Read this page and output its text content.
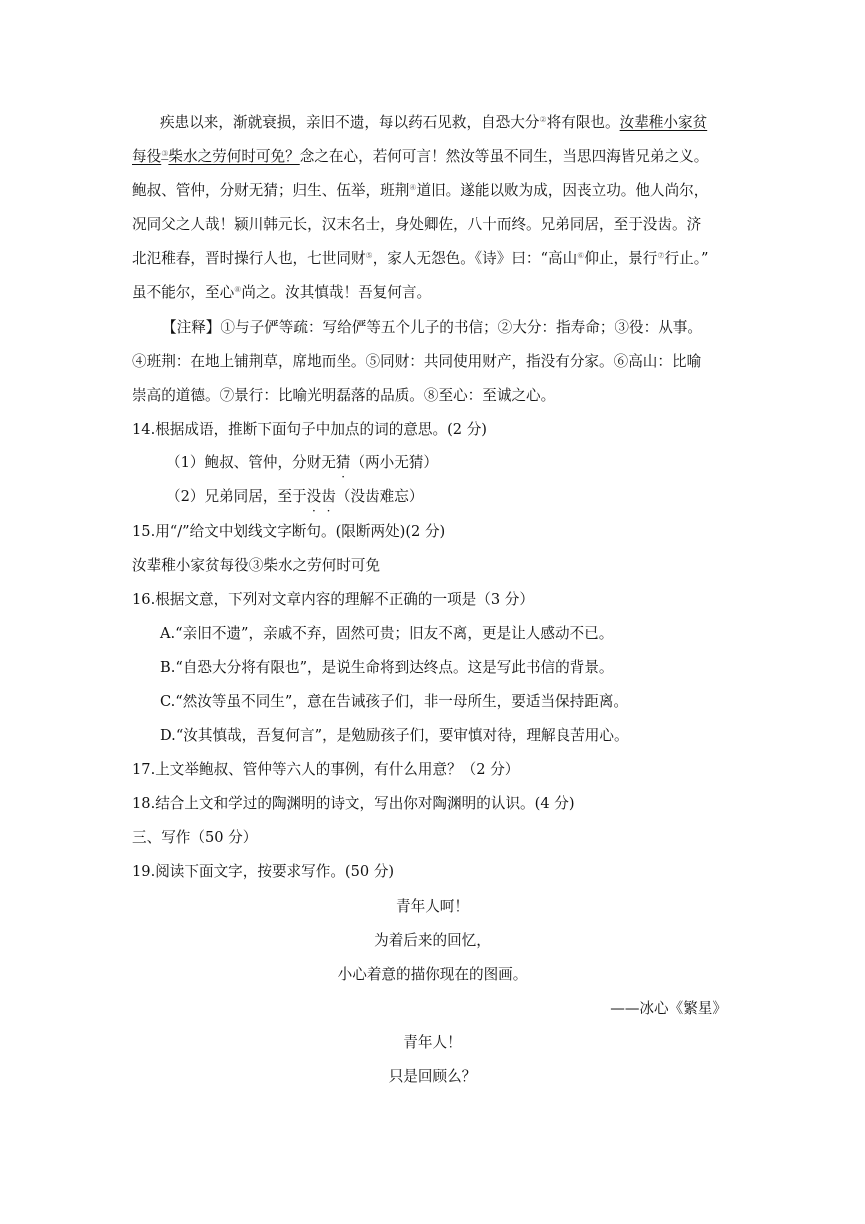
疾患以来，渐就衰损，亲旧不遗，每以药石见救，自恐大分②将有限也。汝辈稚小家贫
每役③柴水之劳何时可免？念之在心，若何可言！然汝等虽不同生，当思四海皆兄弟之义。
鲍叔、管仲，分财无猜；归生、伍举，班荆④道旧。遂能以败为成，因丧立功。他人尚尔，
况同父之人哉！颍川韩元长，汉末名士，身处卿佐，八十而终。兄弟同居，至于没齿。济
北氾稚春，晋时操行人也，七世同财⑤，家人无怨色。《诗》曰：“高山⑥仰止，景行⑦行止。”
虽不能尔，至心⑧尚之。汝其慎哉！吾复何言。
【注释】①与子俨等疏：写给俨等五个儿子的书信；②大分：指寿命；③役：从事。
④班荆：在地上铺荆草，席地而坐。⑤同财：共同使用财产，指没有分家。⑥高山：比喻
崇高的道德。⑦景行：比喻光明磊落的品质。⑧至心：至诚之心。
14.根据成语，推断下面句子中加点的词的意思。(2 分)
（1）鲍叔、管仲，分财无猜（两小无猜）
（2）兄弟同居，至于没齿（没齿难忘）
15.用“/”给文中划线文字断句。(限断两处)(2 分)
汝辈稚小家贫每役③柴水之劳何时可免
16.根据文意，下列对文章内容的理解不正确的一项是（3 分）
A.“亲旧不遗”，亲戚不弃，固然可贵；旧友不离，更是让人感动不已。
B.“自恐大分将有限也”，是说生命将到达终点。这是写此书信的背景。
C.“然汝等虽不同生”，意在告诫孩子们，非一母所生，要适当保持距离。
D.“汝其慎哉，吾复何言”，是勉励孩子们，要审慎对待，理解良苦用心。
17.上文举鲍叔、管仲等六人的事例，有什么用意？（2 分）
18.结合上文和学过的陶渊明的诗文，写出你对陶渊明的认识。(4 分)
三、写作（50 分）
19.阅读下面文字，按要求写作。(50 分)
青年人呵！
为着后来的回忆，
小心着意的描你现在的图画。
——冰心《繁星》
青年人！
只是回顾么？
